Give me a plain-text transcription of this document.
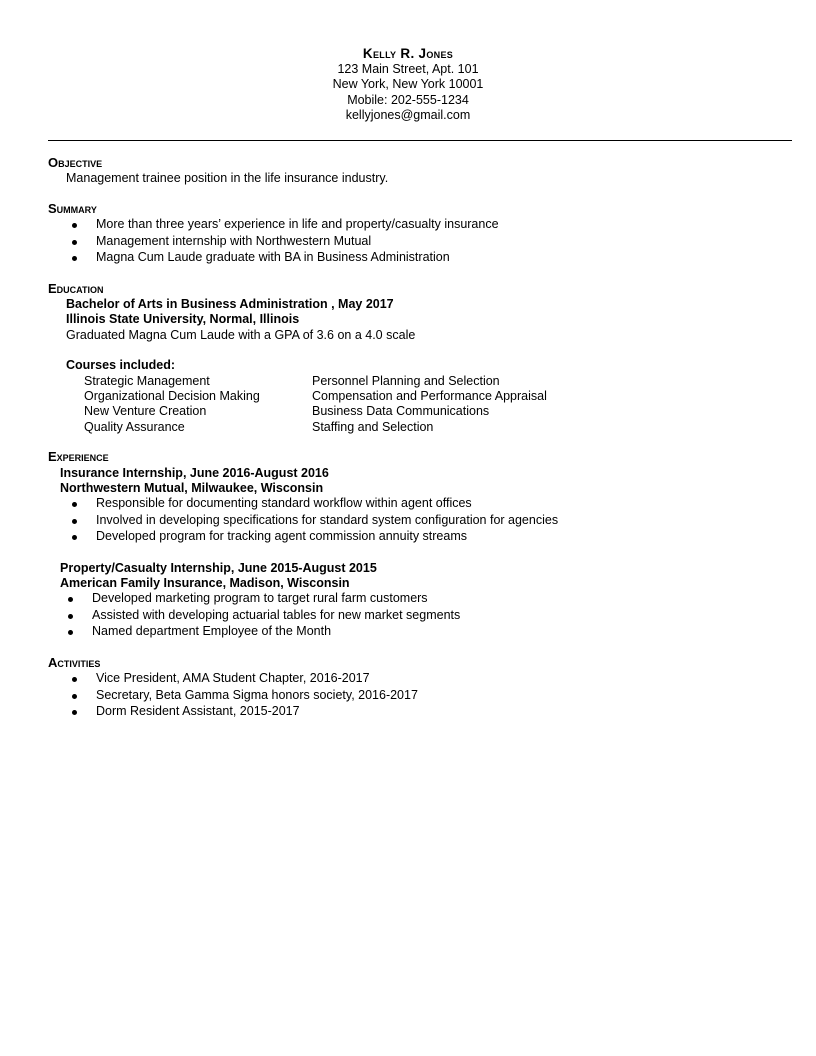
Kelly R. Jones
123 Main Street, Apt. 101
New York, New York 10001
Mobile: 202-555-1234
kellyjones@gmail.com
Objective
Management trainee position in the life insurance industry.
Summary
More than three years’ experience in life and property/casualty insurance
Management internship with Northwestern Mutual
Magna Cum Laude graduate with BA in Business Administration
Education
Bachelor of Arts in Business Administration , May 2017
Illinois State University, Normal, Illinois
Graduated Magna Cum Laude with a GPA of 3.6 on a 4.0 scale
Courses included:
Strategic Management
Organizational Decision Making
New Venture Creation
Quality Assurance
Personnel Planning and Selection
Compensation and Performance Appraisal
Business Data Communications
Staffing and Selection
Experience
Insurance Internship, June 2016-August 2016
Northwestern Mutual, Milwaukee, Wisconsin
Responsible for documenting standard workflow within agent offices
Involved in developing specifications for standard system configuration for agencies
Developed program for tracking agent commission annuity streams
Property/Casualty Internship, June 2015-August 2015
American Family Insurance, Madison, Wisconsin
Developed marketing program to target rural farm customers
Assisted with developing actuarial tables for new market segments
Named department Employee of the Month
Activities
Vice President, AMA Student Chapter, 2016-2017
Secretary, Beta Gamma Sigma honors society, 2016-2017
Dorm Resident Assistant, 2015-2017
